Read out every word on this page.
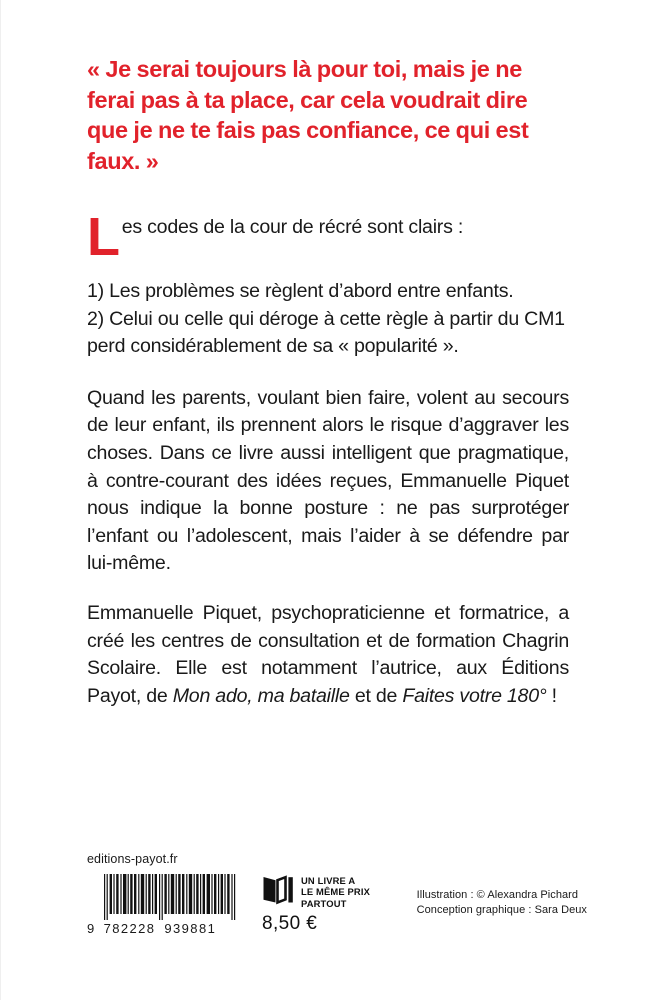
« Je serai toujours là pour toi, mais je ne ferai pas à ta place, car cela voudrait dire que je ne te fais pas confiance, ce qui est faux. »

Les codes de la cour de récré sont clairs :

1) Les problèmes se règlent d’abord entre enfants.
2) Celui ou celle qui déroge à cette règle à partir du CM1 perd considérablement de sa « popularité ».

Quand les parents, voulant bien faire, volent au secours de leur enfant, ils prennent alors le risque d’aggraver les choses. Dans ce livre aussi intelligent que pragmatique, à contre-courant des idées reçues, Emmanuelle Piquet nous indique la bonne posture : ne pas surprotéger l’enfant ou l’adolescent, mais l’aider à se défendre par lui-même.

Emmanuelle Piquet, psychopraticienne et formatrice, a créé les centres de consultation et de formation Chagrin Scolaire. Elle est notamment l’autrice, aux Éditions Payot, de Mon ado, ma bataille et de Faites votre 180° !

editions-payot.fr
9 782228 939881
UN LIVRE A
LE MÊME PRIX
PARTOUT
8,50 €
Illustration : © Alexandra Pichard
Conception graphique : Sara Deux
